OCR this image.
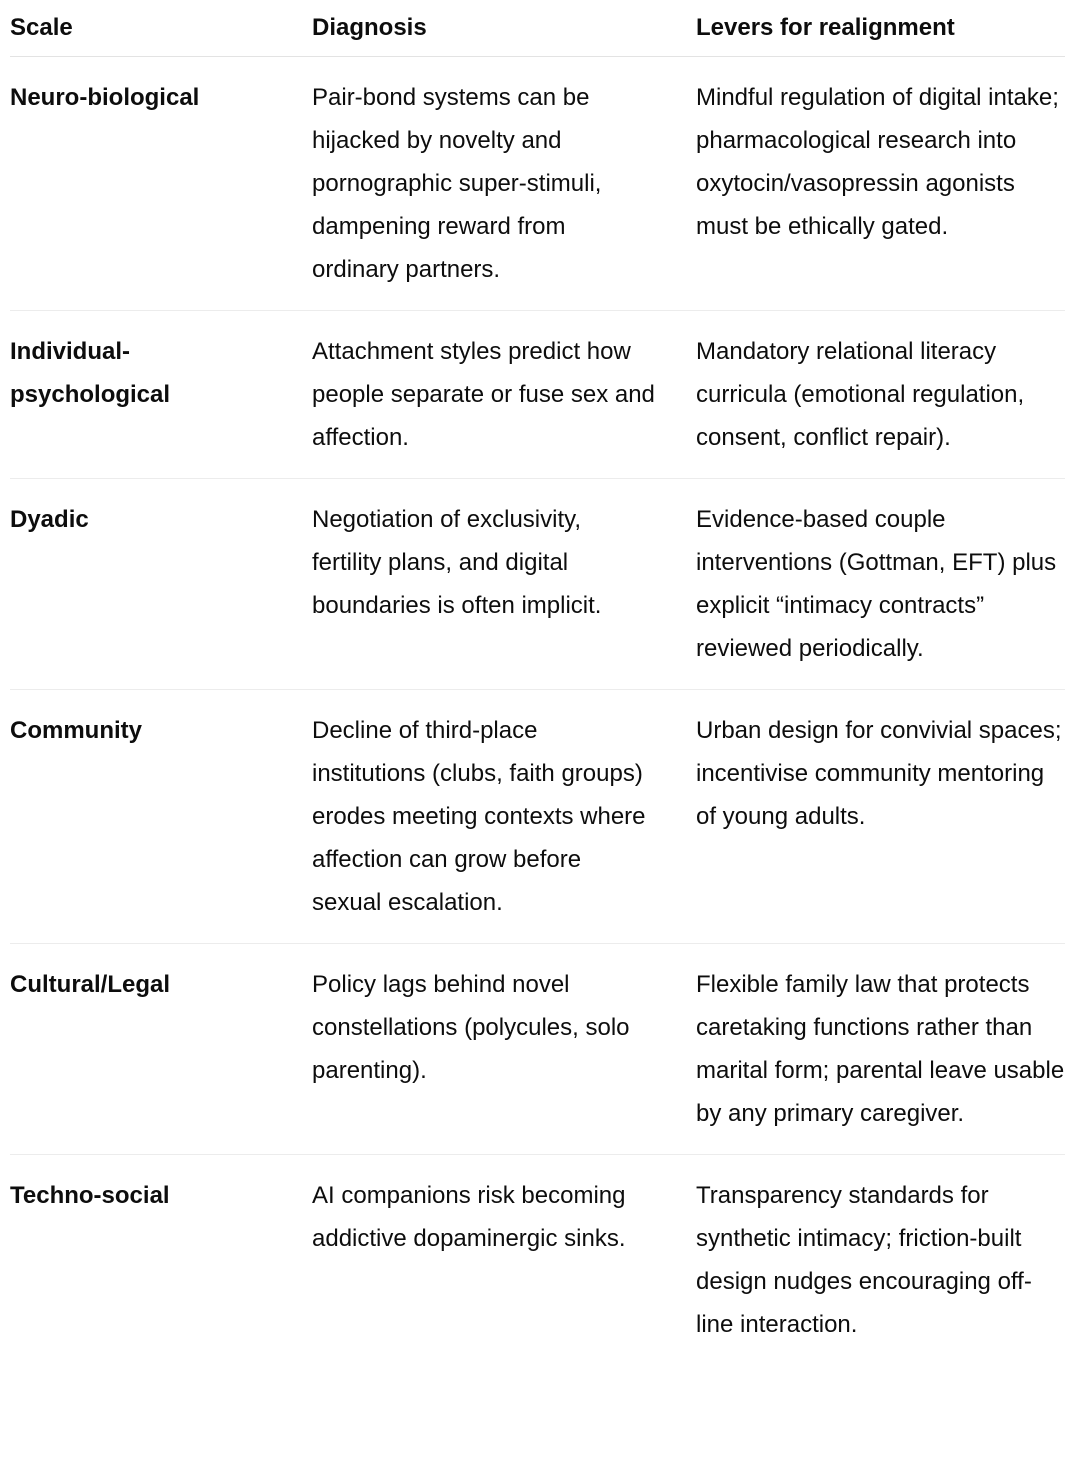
Scale	Diagnosis	Levers for realignment
Neuro-biological	Pair-bond systems can be hijacked by novelty and pornographic super-stimuli, dampening reward from ordinary partners.	Mindful regulation of digital intake; pharmacological research into oxytocin/vasopressin agonists must be ethically gated.
Individual-psychological	Attachment styles predict how people separate or fuse sex and affection.	Mandatory relational literacy curricula (emotional regulation, consent, conflict repair).
Dyadic	Negotiation of exclusivity, fertility plans, and digital boundaries is often implicit.	Evidence-based couple interventions (Gottman, EFT) plus explicit “intimacy contracts” reviewed periodically.
Community	Decline of third-place institutions (clubs, faith groups) erodes meeting contexts where affection can grow before sexual escalation.	Urban design for convivial spaces; incentivise community mentoring of young adults.
Cultural/Legal	Policy lags behind novel constellations (polycules, solo parenting).	Flexible family law that protects caretaking functions rather than marital form; parental leave usable by any primary caregiver.
Techno-social	AI companions risk becoming addictive dopaminergic sinks.	Transparency standards for synthetic intimacy; friction-built design nudges encouraging off-line interaction.
